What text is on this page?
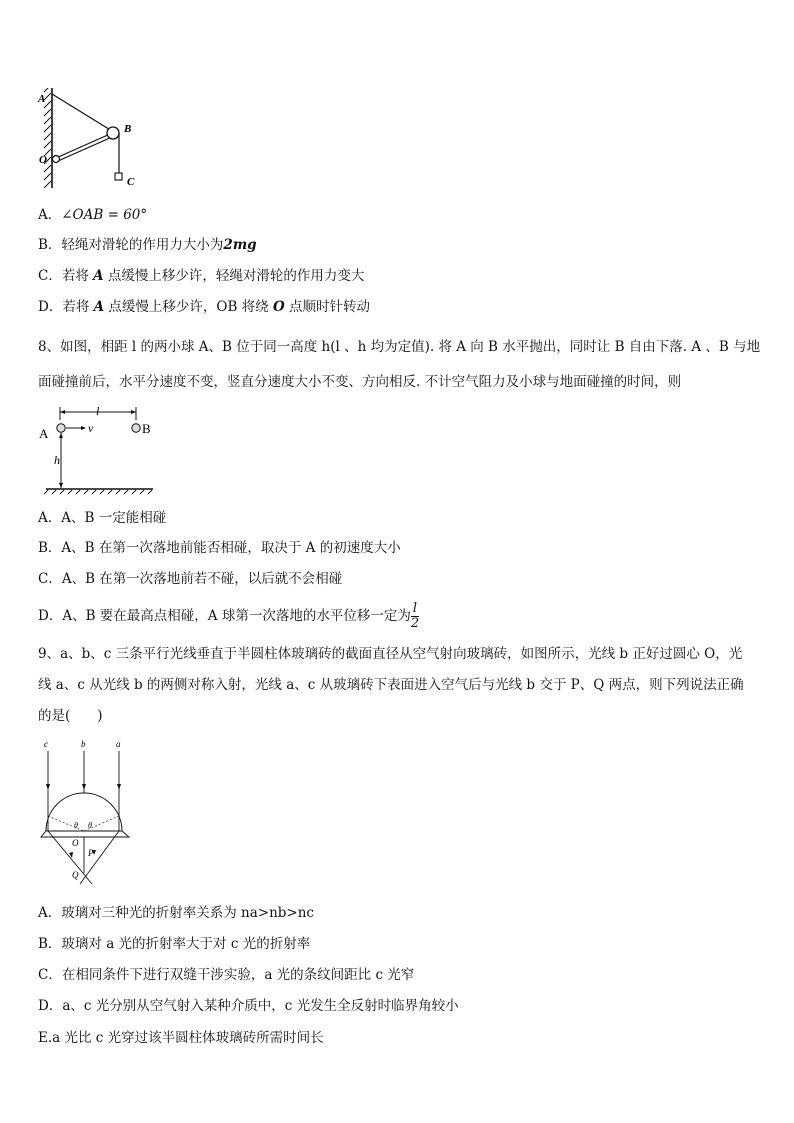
A
B
O
C
A．∠OAB = 60°
B．轻绳对滑轮的作用力大小为2mg
C．若将 A 点缓慢上移少许，轻绳对滑轮的作用力变大
D．若将 A 点缓慢上移少许，OB 将绕 O 点顺时针转动
8、如图，相距 l 的两小球 A、B 位于同一高度 h(l 、h 均为定值). 将 A 向 B 水平抛出，同时让 B 自由下落. A 、B 与地
面碰撞前后，水平分速度不变，竖直分速度大小不变、方向相反. 不计空气阻力及小球与地面碰撞的时间，则
l
v
A	B
h
A．A、B 一定能相碰
B．A、B 在第一次落地前能否相碰，取决于 A 的初速度大小
C．A、B 在第一次落地前若不碰，以后就不会相碰
D．A、B 要在最高点相碰，A 球第一次落地的水平位移一定为 $\frac{l}{2}$
9、a、b、c 三条平行光线垂直于半圆柱体玻璃砖的截面直径从空气射向玻璃砖，如图所示，光线 b 正好过圆心 O，光
线 a、c 从光线 b 的两侧对称入射，光线 a、c 从玻璃砖下表面进入空气后与光线 b 交于 P、Q 两点，则下列说法正确
的是(　　)
c	b	a
θ θ
O
P
Q
A．玻璃对三种光的折射率关系为 na>nb>nc
B．玻璃对 a 光的折射率大于对 c 光的折射率
C．在相同条件下进行双缝干涉实验，a 光的条纹间距比 c 光窄
D．a、c 光分别从空气射入某种介质中，c 光发生全反射时临界角较小
E.a 光比 c 光穿过该半圆柱体玻璃砖所需时间长
